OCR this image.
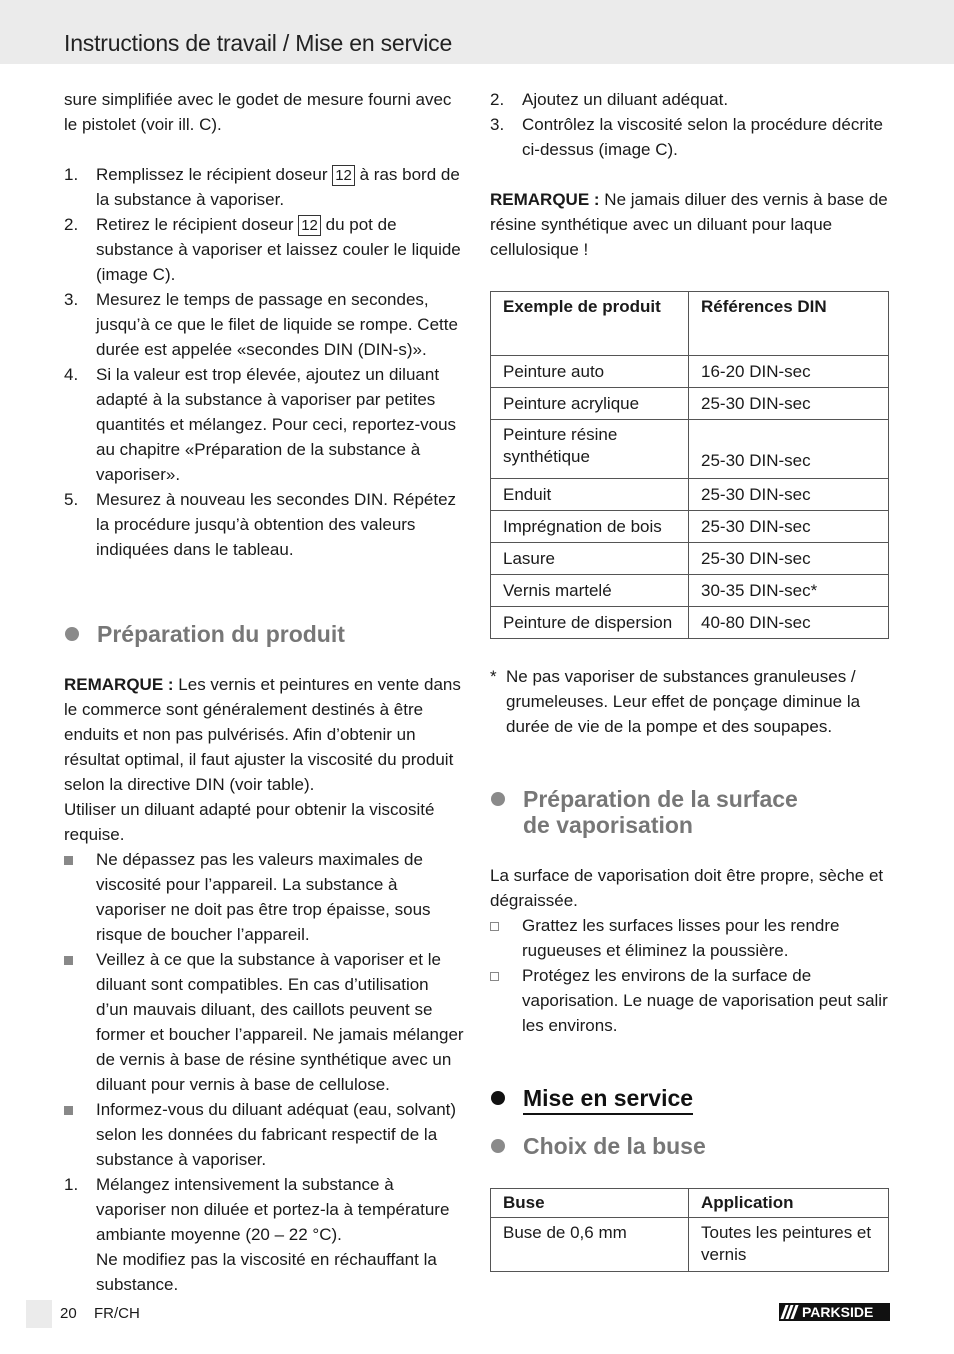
Instructions de travail / Mise en service

sure simplifiée avec le godet de mesure fourni avec le pistolet (voir ill. C).

1. Remplissez le récipient doseur 12 à ras bord de la substance à vaporiser.
2. Retirez le récipient doseur 12 du pot de substance à vaporiser et laissez couler le liquide (image C).
3. Mesurez le temps de passage en secondes, jusqu’à ce que le filet de liquide se rompe. Cette durée est appelée «secondes DIN (DIN-s)».
4. Si la valeur est trop élevée, ajoutez un diluant adapté à la substance à vaporiser par petites quantités et mélangez. Pour ceci, reportez-vous au chapitre «Préparation de la substance à vaporiser».
5. Mesurez à nouveau les secondes DIN. Répétez la procédure jusqu’à obtention des valeurs indiquées dans le tableau.
Préparation du produit

REMARQUE : Les vernis et peintures en vente dans le commerce sont généralement destinés à être enduits et non pas pulvérisés. Afin d’obtenir un résultat optimal, il faut ajuster la viscosité du produit selon la directive DIN (voir table).

Utiliser un diluant adapté pour obtenir la viscosité requise.

Ne dépassez pas les valeurs maximales de viscosité pour l’appareil. La substance à vaporiser ne doit pas être trop épaisse, sous risque de boucher l’appareil.
Veillez à ce que la substance à vaporiser et le diluant sont compatibles. En cas d’utilisation d’un mauvais diluant, des caillots peuvent se former et boucher l’appareil. Ne jamais mélanger de vernis à base de résine synthétique avec un diluant pour vernis à base de cellulose.
Informez-vous du diluant adéquat (eau, solvant) selon les données du fabricant respectif de la substance à vaporiser.
1. Mélangez intensivement la substance à vaporiser non diluée et portez-la à température ambiante moyenne (20 – 22 °C).

Ne modifiez pas la viscosité en réchauffant la substance.

2. Ajoutez un diluant adéquat.
3. Contrôlez la viscosité selon la procédure décrite ci-dessus (image C).

REMARQUE : Ne jamais diluer des vernis à base de résine synthétique avec un diluant pour laque cellulosique !

Exemple de produit	Références DIN
Peinture auto	16-20 DIN-sec
Peinture acrylique	25-30 DIN-sec
Peinture résine synthétique	25-30 DIN-sec
Enduit	25-30 DIN-sec
Imprégnation de bois	25-30 DIN-sec
Lasure	25-30 DIN-sec
Vernis martelé	30-35 DIN-sec*
Peinture de dispersion	40-80 DIN-sec
* Ne pas vaporiser de substances granuleuses / grumeleuses. Leur effet de ponçage diminue la durée de vie de la pompe et des soupapes.
Préparation de la surface de vaporisation

La surface de vaporisation doit être propre, sèche et dégraissée.

Grattez les surfaces lisses pour les rendre rugueuses et éliminez la poussière.
Protégez les environs de la surface de vaporisation. Le nuage de vaporisation peut salir les environs.
Mise en service
Choix de la buse
Buse	Application
Buse de 0,6 mm	Toutes les peintures et vernis
20 FR/CH	PARKSIDE
